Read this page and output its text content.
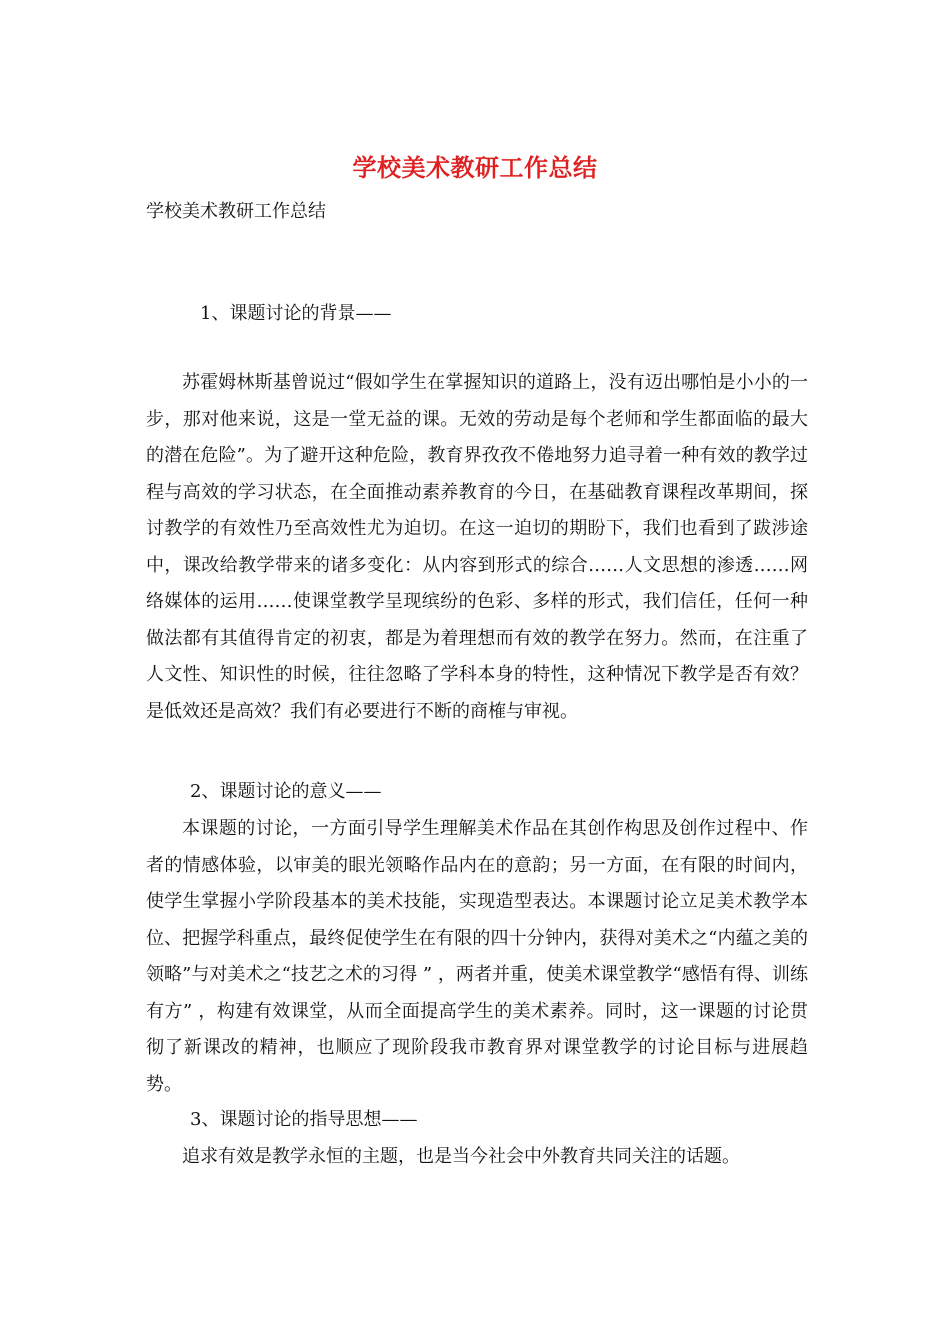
学校美术教研工作总结

学校美术教研工作总结

1、课题讨论的背景——

苏霍姆林斯基曾说过“假如学生在掌握知识的道路上，没有迈出哪怕是小小的一步，那对他来说，这是一堂无益的课。无效的劳动是每个老师和学生都面临的最大的潜在危险”。为了避开这种危险，教育界孜孜不倦地努力追寻着一种有效的教学过程与高效的学习状态，在全面推动素养教育的今日，在基础教育课程改革期间，探讨教学的有效性乃至高效性尤为迫切。在这一迫切的期盼下，我们也看到了跋涉途中，课改给教学带来的诸多变化：从内容到形式的综合……人文思想的渗透……网络媒体的运用……使课堂教学呈现缤纷的色彩、多样的形式，我们信任，任何一种做法都有其值得肯定的初衷，都是为着理想而有效的教学在努力。然而，在注重了人文性、知识性的时候，往往忽略了学科本身的特性，这种情况下教学是否有效？是低效还是高效？我们有必要进行不断的商榷与审视。

2、课题讨论的意义——

本课题的讨论，一方面引导学生理解美术作品在其创作构思及创作过程中、作者的情感体验，以审美的眼光领略作品内在的意韵；另一方面，在有限的时间内，使学生掌握小学阶段基本的美术技能，实现造型表达。本课题讨论立足美术教学本位、把握学科重点，最终促使学生在有限的四十分钟内，获得对美术之“内蕴之美的领略”与对美术之“技艺之术的习得 ” ，两者并重，使美术课堂教学“感悟有得、训练有方” ，构建有效课堂，从而全面提高学生的美术素养。同时，这一课题的讨论贯彻了新课改的精神，也顺应了现阶段我市教育界对课堂教学的讨论目标与进展趋势。

3、课题讨论的指导思想——

追求有效是教学永恒的主题，也是当今社会中外教育共同关注的话题。
